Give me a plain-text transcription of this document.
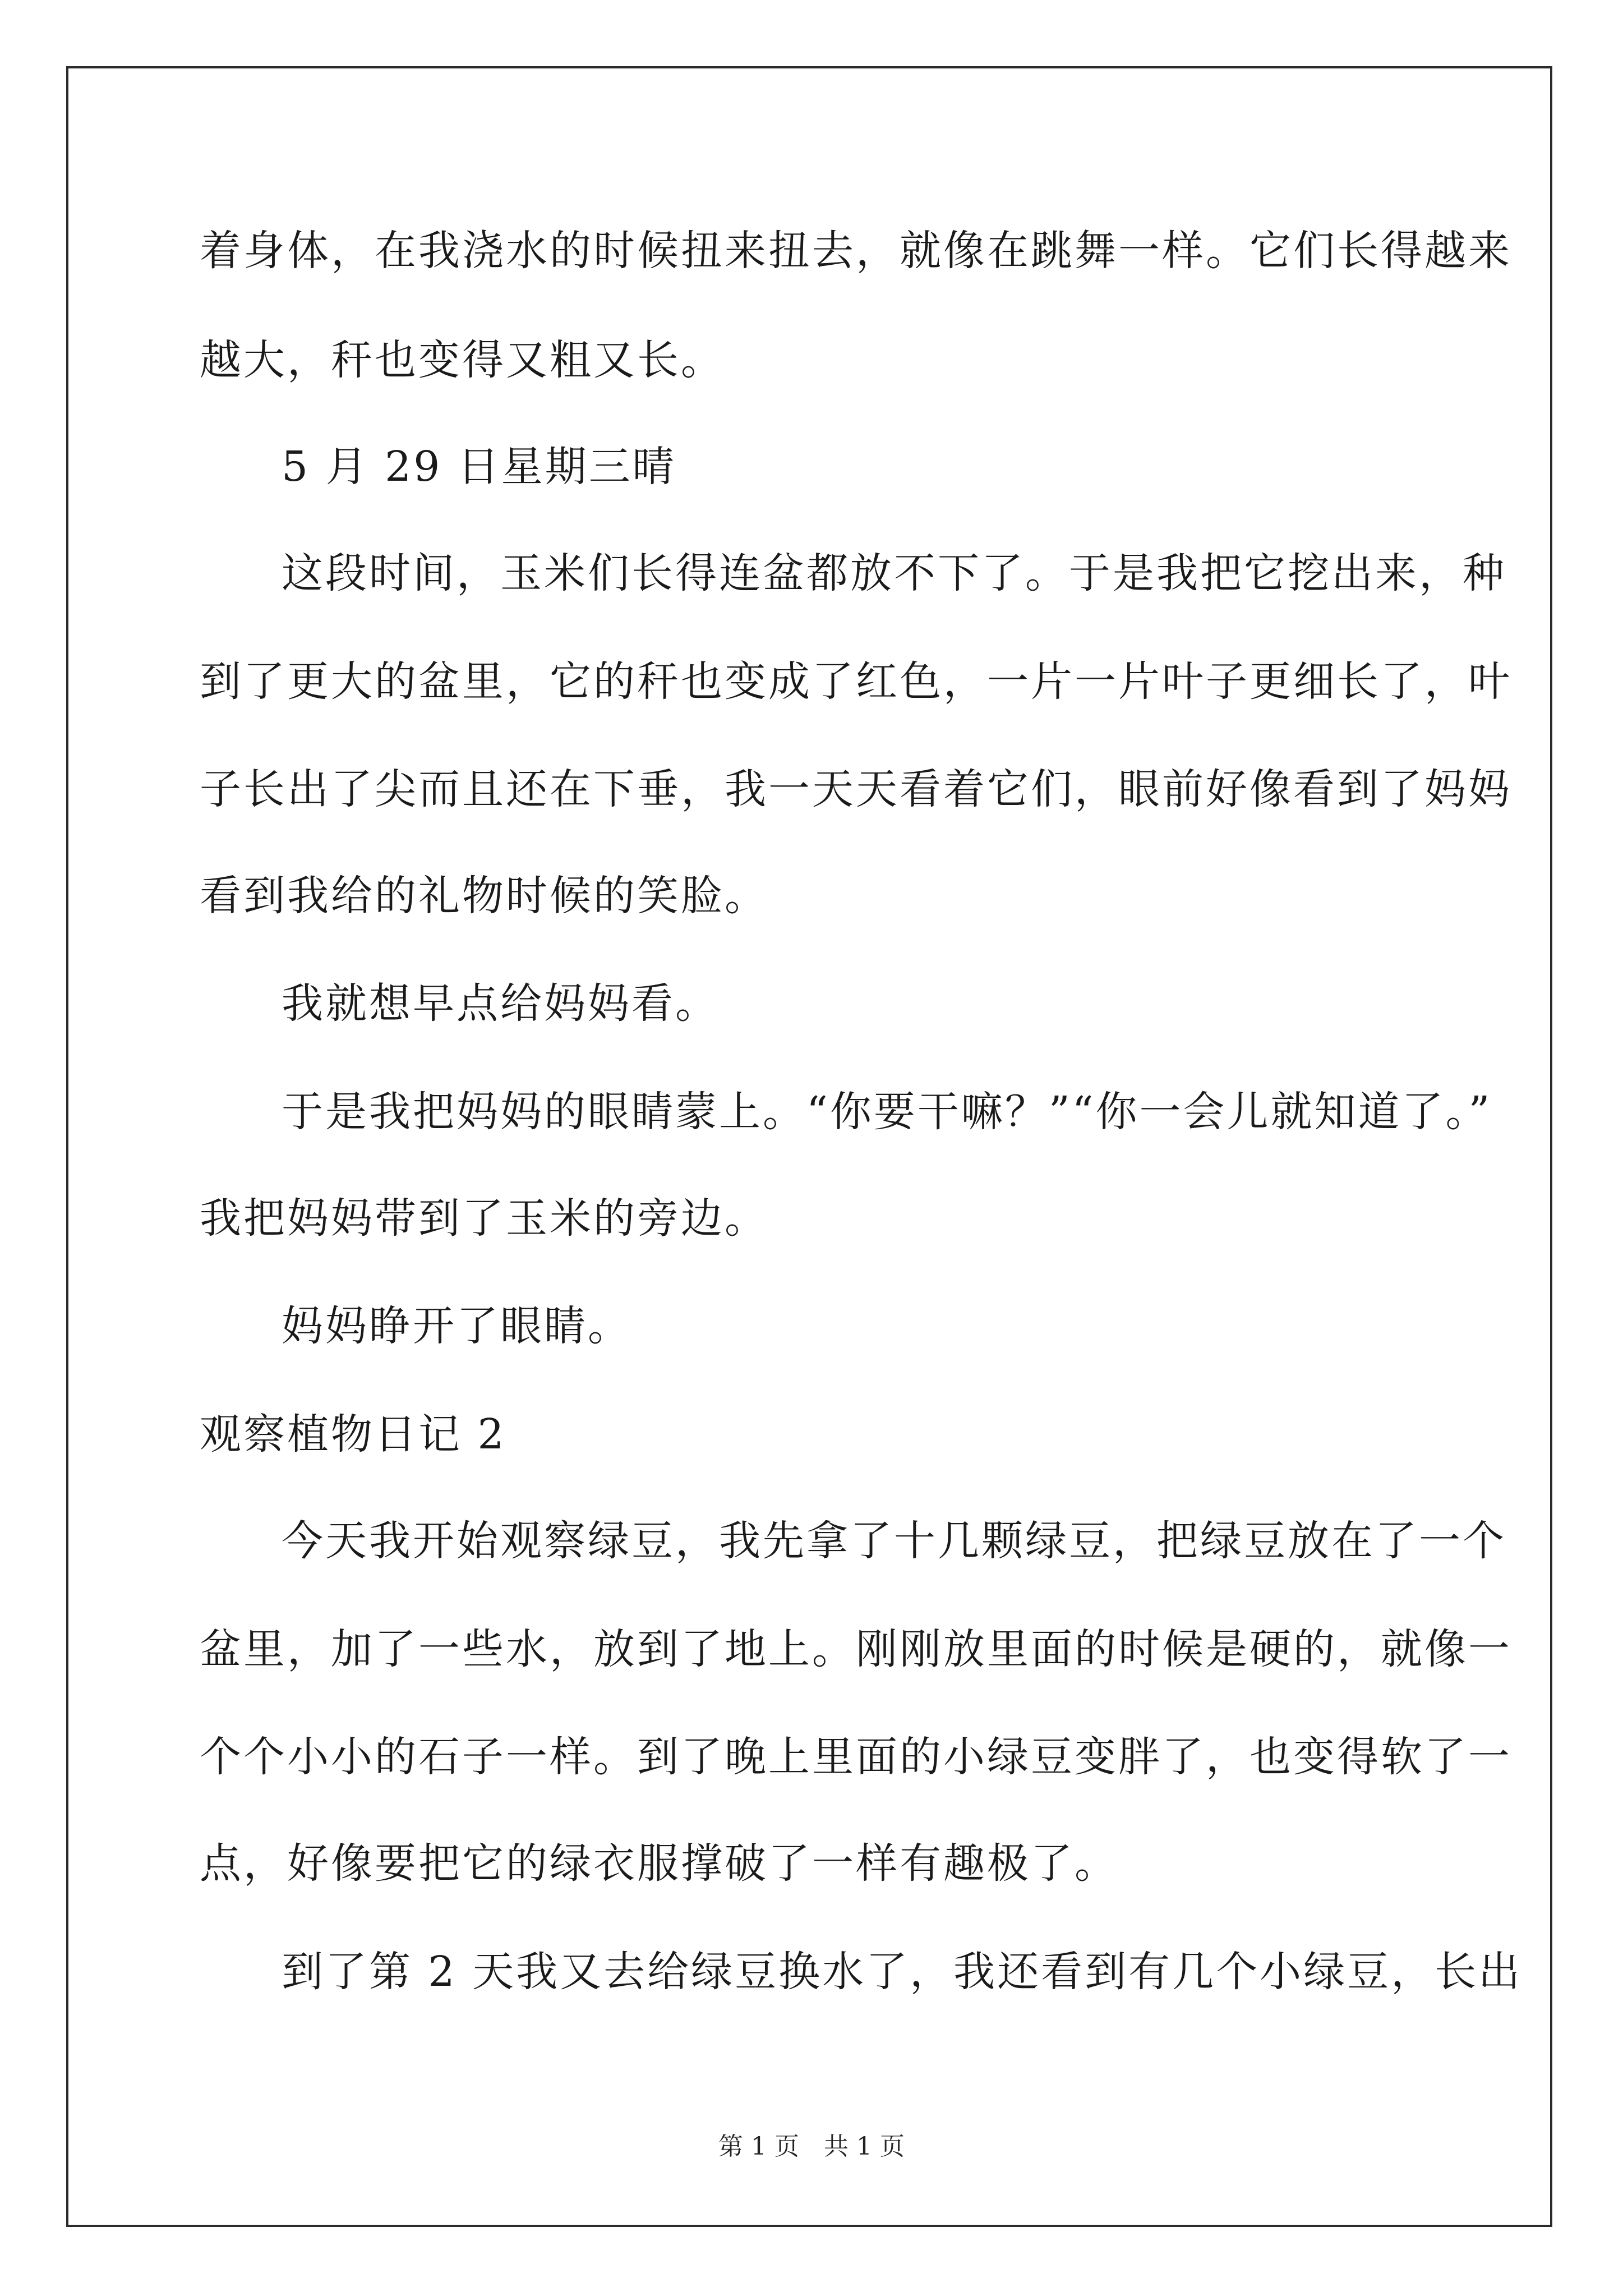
着身体，在我浇水的时候扭来扭去，就像在跳舞一样。它们长得越来
越大，秆也变得又粗又长。
5 月 29 日星期三晴
这段时间，玉米们长得连盆都放不下了。于是我把它挖出来，种
到了更大的盆里，它的秆也变成了红色，一片一片叶子更细长了，叶
子长出了尖而且还在下垂，我一天天看着它们，眼前好像看到了妈妈
看到我给的礼物时候的笑脸。
我就想早点给妈妈看。
于是我把妈妈的眼睛蒙上。“你要干嘛？”“你一会儿就知道了。”
我把妈妈带到了玉米的旁边。
妈妈睁开了眼睛。
观察植物日记 2
今天我开始观察绿豆，我先拿了十几颗绿豆，把绿豆放在了一个
盆里，加了一些水，放到了地上。刚刚放里面的时候是硬的，就像一
个个小小的石子一样。到了晚上里面的小绿豆变胖了，也变得软了一
点，好像要把它的绿衣服撑破了一样有趣极了。
到了第 2 天我又去给绿豆换水了，我还看到有几个小绿豆，长出
第 1 页　共 1 页
